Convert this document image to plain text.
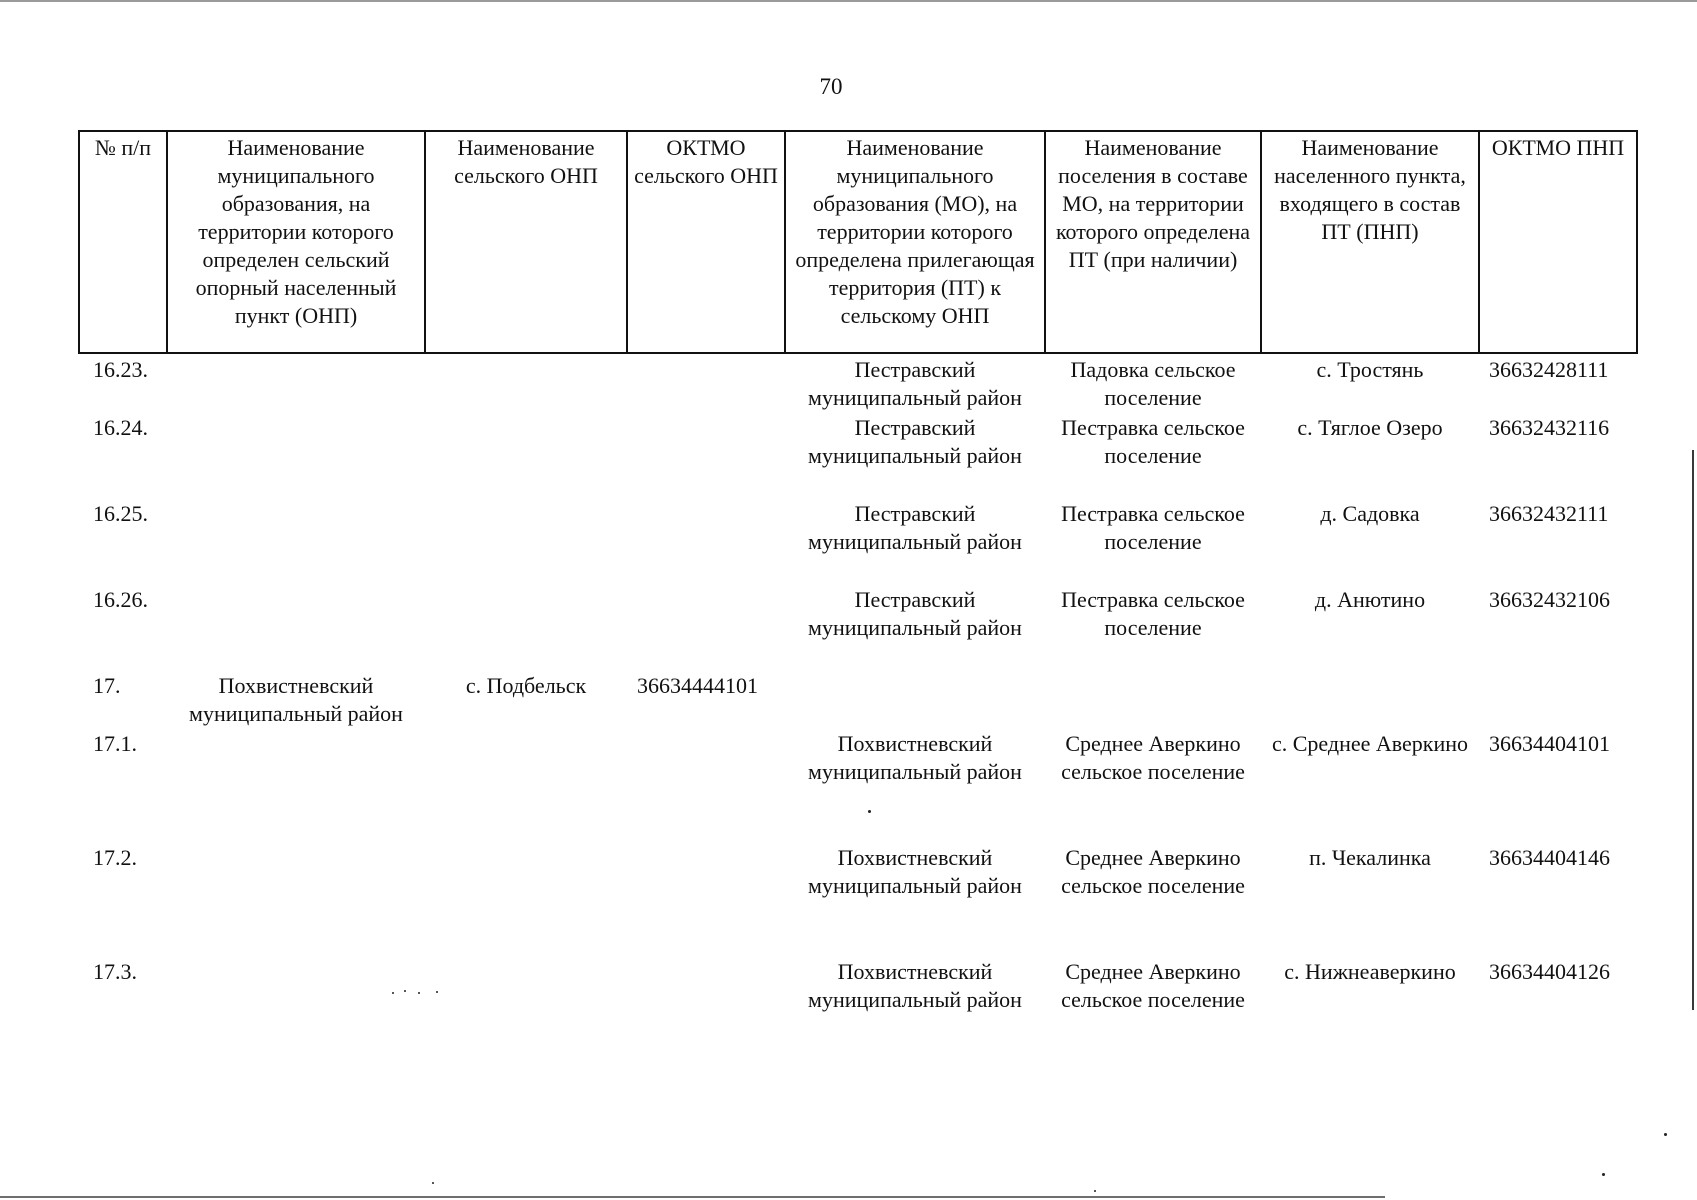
70
№ п/п	Наименование муниципального образования, на территории которого определен сельский опорный населенный пункт (ОНП)	Наименование сельского ОНП	ОКТМО сельского ОНП	Наименование муниципального образования (МО), на территории которого определена прилегающая территория (ПТ) к сельскому ОНП	Наименование поселения в составе МО, на территории которого определена ПТ (при наличии)	Наименование населенного пункта, входящего в состав ПТ (ПНП)	ОКТМО ПНП
16.23.				Пестравский муниципальный район	Падовка сельское поселение	с. Тростянь	36632428111
16.24.				Пестравский муниципальный район	Пестравка сельское поселение	с. Тяглое Озеро	36632432116
16.25.				Пестравский муниципальный район	Пестравка сельское поселение	д. Садовка	36632432111
16.26.				Пестравский муниципальный район	Пестравка сельское поселение	д. Анютино	36632432106
17.	Похвистневский муниципальный район	с. Подбельск	36634444101				
17.1.				Похвистневский муниципальный район	Среднее Аверкино сельское поселение	с. Среднее Аверкино	36634404101
17.2.				Похвистневский муниципальный район	Среднее Аверкино сельское поселение	п. Чекалинка	36634404146
17.3.				Похвистневский муниципальный район	Среднее Аверкино сельское поселение	с. Нижнеаверкино	36634404126
